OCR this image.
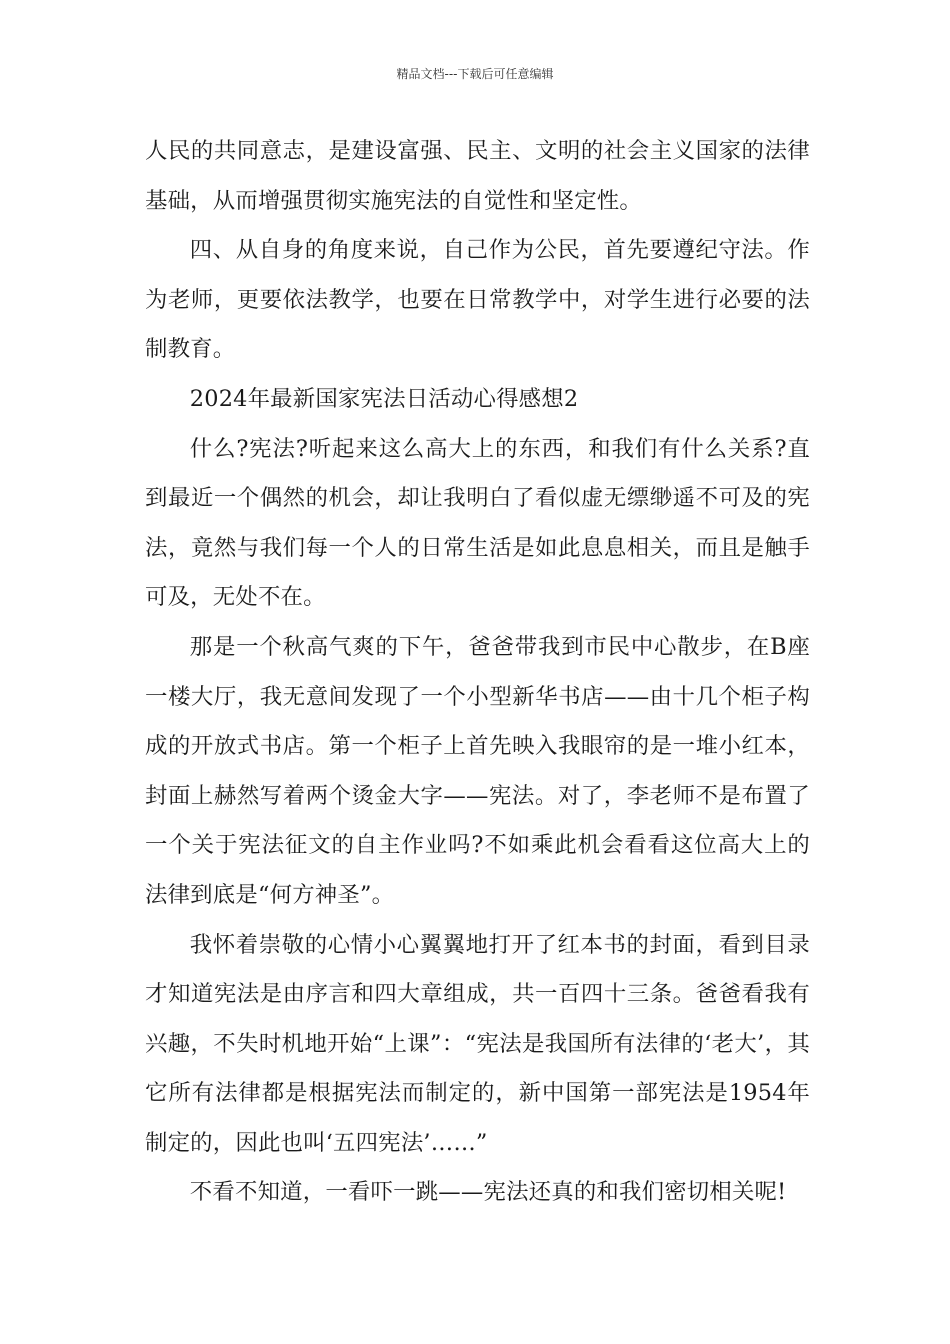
精品文档---下载后可任意编辑

人民的共同意志，是建设富强、民主、文明的社会主义国家的法律基础，从而增强贯彻实施宪法的自觉性和坚定性。

四、从自身的角度来说，自己作为公民，首先要遵纪守法。作为老师，更要依法教学，也要在日常教学中，对学生进行必要的法制教育。

2024年最新国家宪法日活动心得感想2

什么?宪法?听起来这么高大上的东西，和我们有什么关系?直到最近一个偶然的机会，却让我明白了看似虚无缥缈遥不可及的宪法，竟然与我们每一个人的日常生活是如此息息相关，而且是触手可及，无处不在。

那是一个秋高气爽的下午，爸爸带我到市民中心散步，在B座一楼大厅，我无意间发现了一个小型新华书店——由十几个柜子构成的开放式书店。第一个柜子上首先映入我眼帘的是一堆小红本，封面上赫然写着两个烫金大字——宪法。对了，李老师不是布置了一个关于宪法征文的自主作业吗?不如乘此机会看看这位高大上的法律到底是“何方神圣”。

我怀着崇敬的心情小心翼翼地打开了红本书的封面，看到目录才知道宪法是由序言和四大章组成，共一百四十三条。爸爸看我有兴趣，不失时机地开始“上课”：“宪法是我国所有法律的‘老大’，其它所有法律都是根据宪法而制定的，新中国第一部宪法是1954年制定的，因此也叫‘五四宪法’……”

不看不知道，一看吓一跳——宪法还真的和我们密切相关呢!
